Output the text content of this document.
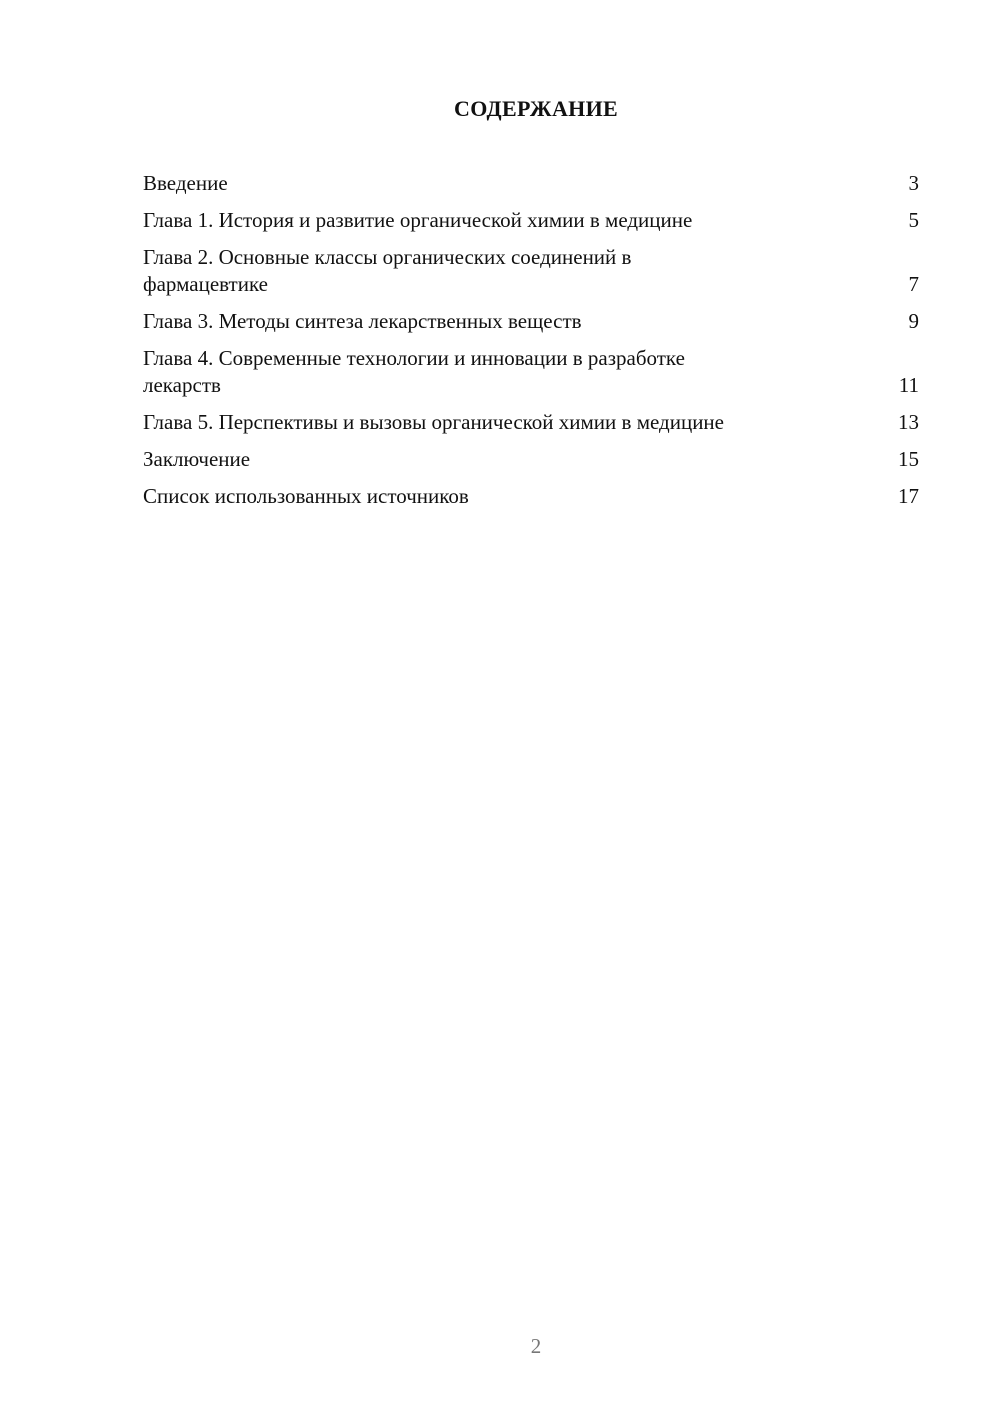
СОДЕРЖАНИЕ
Введение	3
Глава 1. История и развитие органической химии в медицине	5
Глава 2. Основные классы органических соединений в фармацевтике	7
Глава 3. Методы синтеза лекарственных веществ	9
Глава 4. Современные технологии и инновации в разработке лекарств	11
Глава 5. Перспективы и вызовы органической химии в медицине	13
Заключение	15
Список использованных источников	17
2
